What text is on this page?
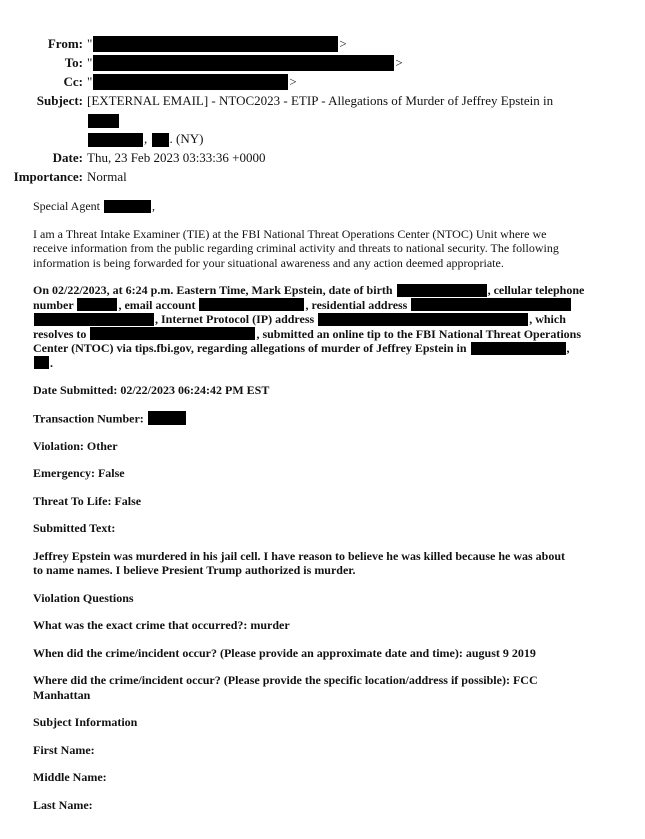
From: "	>
To: "	>
Cc: "	>
Subject: [EXTERNAL EMAIL] - NTOC2023 - ETIP - Allegations of Murder of Jeffrey Epstein in
, . (NY)
Date: Thu, 23 Feb 2023 03:33:36 +0000
Importance: Normal

Special Agent	,

I am a Threat Intake Examiner (TIE) at the FBI National Threat Operations Center (NTOC) Unit where we
receive information from the public regarding criminal activity and threats to national security. The following
information is being forwarded for your situational awareness and any action deemed appropriate.

On 02/22/2023, at 6:24 p.m. Eastern Time, Mark Epstein, date of birth	, cellular telephone
number	, email account	, residential address
, Internet Protocol (IP) address	, which
resolves to	, submitted an online tip to the FBI National Threat Operations
Center (NTOC) via tips.fbi.gov, regarding allegations of murder of Jeffrey Epstein in	,
.

Date Submitted: 02/22/2023 06:24:42 PM EST

Transaction Number:

Violation: Other

Emergency: False

Threat To Life: False

Submitted Text:

Jeffrey Epstein was murdered in his jail cell. I have reason to believe he was killed because he was about
to name names. I believe Presient Trump authorized is murder.

Violation Questions

What was the exact crime that occurred?: murder

When did the crime/incident occur? (Please provide an approximate date and time): august 9 2019

Where did the crime/incident occur? (Please provide the specific location/address if possible): FCC
Manhattan

Subject Information

First Name:

Middle Name:

Last Name:
